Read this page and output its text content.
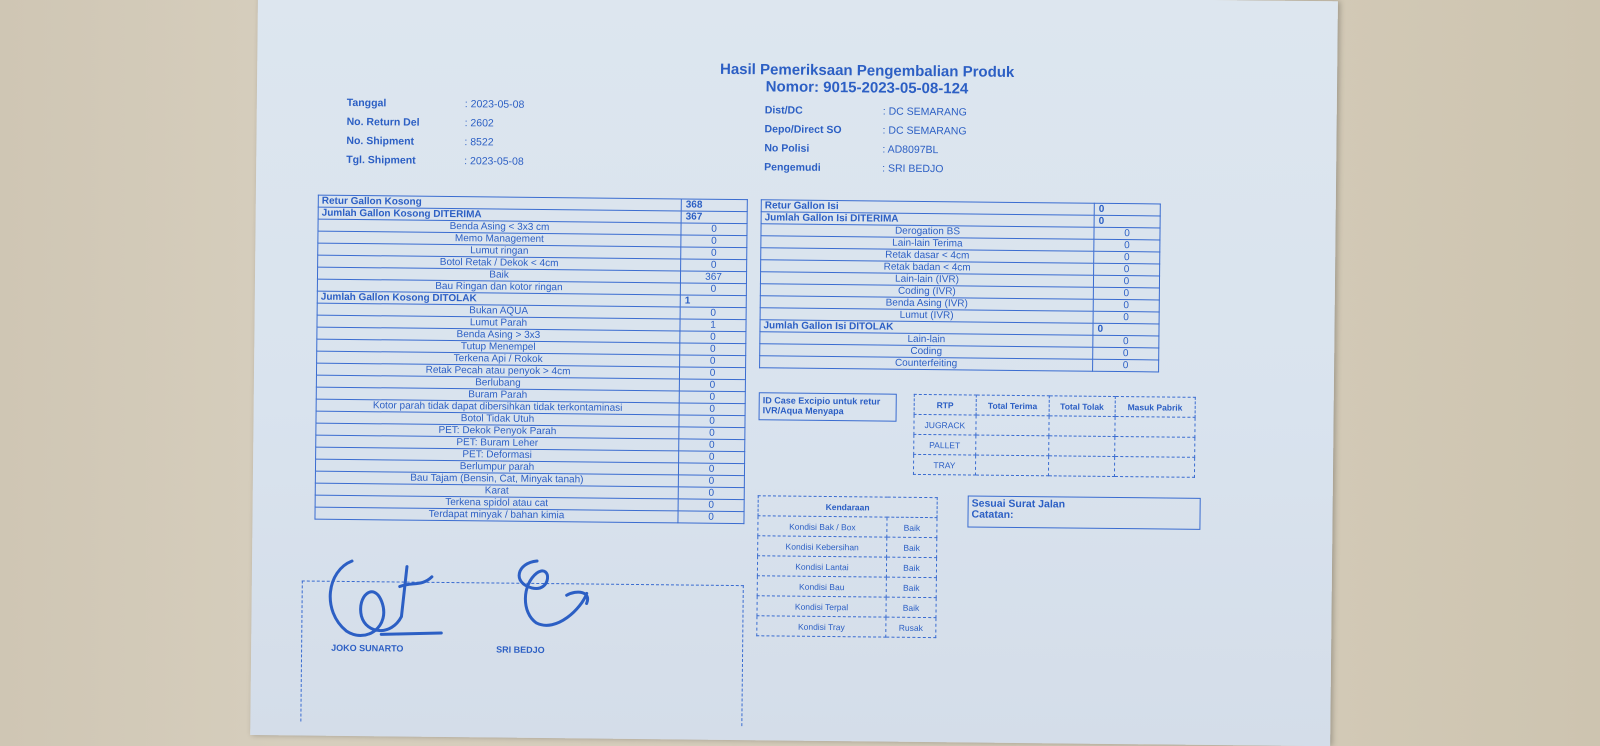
Hasil Pemeriksaan Pengembalian Produk
Nomor: 9015-2023-05-08-124
Tanggal	: 2023-05-08
No. Return Del	: 2602
No. Shipment	: 8522
Tgl. Shipment	: 2023-05-08
Dist/DC	: DC SEMARANG
Depo/Direct SO	: DC SEMARANG
No Polisi	: AD8097BL
Pengemudi	: SRI BEDJO
Retur Gallon Kosong	368
Jumlah Gallon Kosong DITERIMA	367
Benda Asing < 3x3 cm	0
Memo Management	0
Lumut ringan	0
Botol Retak / Dekok < 4cm	0
Baik	367
Bau Ringan dan kotor ringan	0
Jumlah Gallon Kosong DITOLAK	1
Bukan AQUA	0
Lumut Parah	1
Benda Asing > 3x3	0
Tutup Menempel	0
Terkena Api / Rokok	0
Retak Pecah atau penyok > 4cm	0
Berlubang	0
Buram Parah	0
Kotor parah tidak dapat dibersihkan tidak terkontaminasi	0
Botol Tidak Utuh	0
PET: Dekok Penyok Parah	0
PET: Buram Leher	0
PET: Deformasi	0
Berlumpur parah	0
Bau Tajam (Bensin, Cat, Minyak tanah)	0
Karat	0
Terkena spidol atau cat	0
Terdapat minyak / bahan kimia	0
Retur Gallon Isi	0
Jumlah Gallon Isi DITERIMA	0
Derogation BS	0
Lain-lain Terima	0
Retak dasar < 4cm	0
Retak badan < 4cm	0
Lain-lain (IVR)	0
Coding (IVR)	0
Benda Asing (IVR)	0
Lumut (IVR)	0
Jumlah Gallon Isi DITOLAK	0
Lain-lain	0
Coding	0
Counterfeiting	0
ID Case Excipio untuk retur IVR/Aqua Menyapa
RTP	Total Terima	Total Tolak	Masuk Pabrik
JUGRACK			
PALLET			
TRAY			
Kendaraan	
Kondisi Bak / Box	Baik
Kondisi Kebersihan	Baik
Kondisi Lantai	Baik
Kondisi Bau	Baik
Kondisi Terpal	Baik
Kondisi Tray	Rusak
Sesuai Surat Jalan
Catatan:
JOKO SUNARTO	SRI BEDJO
